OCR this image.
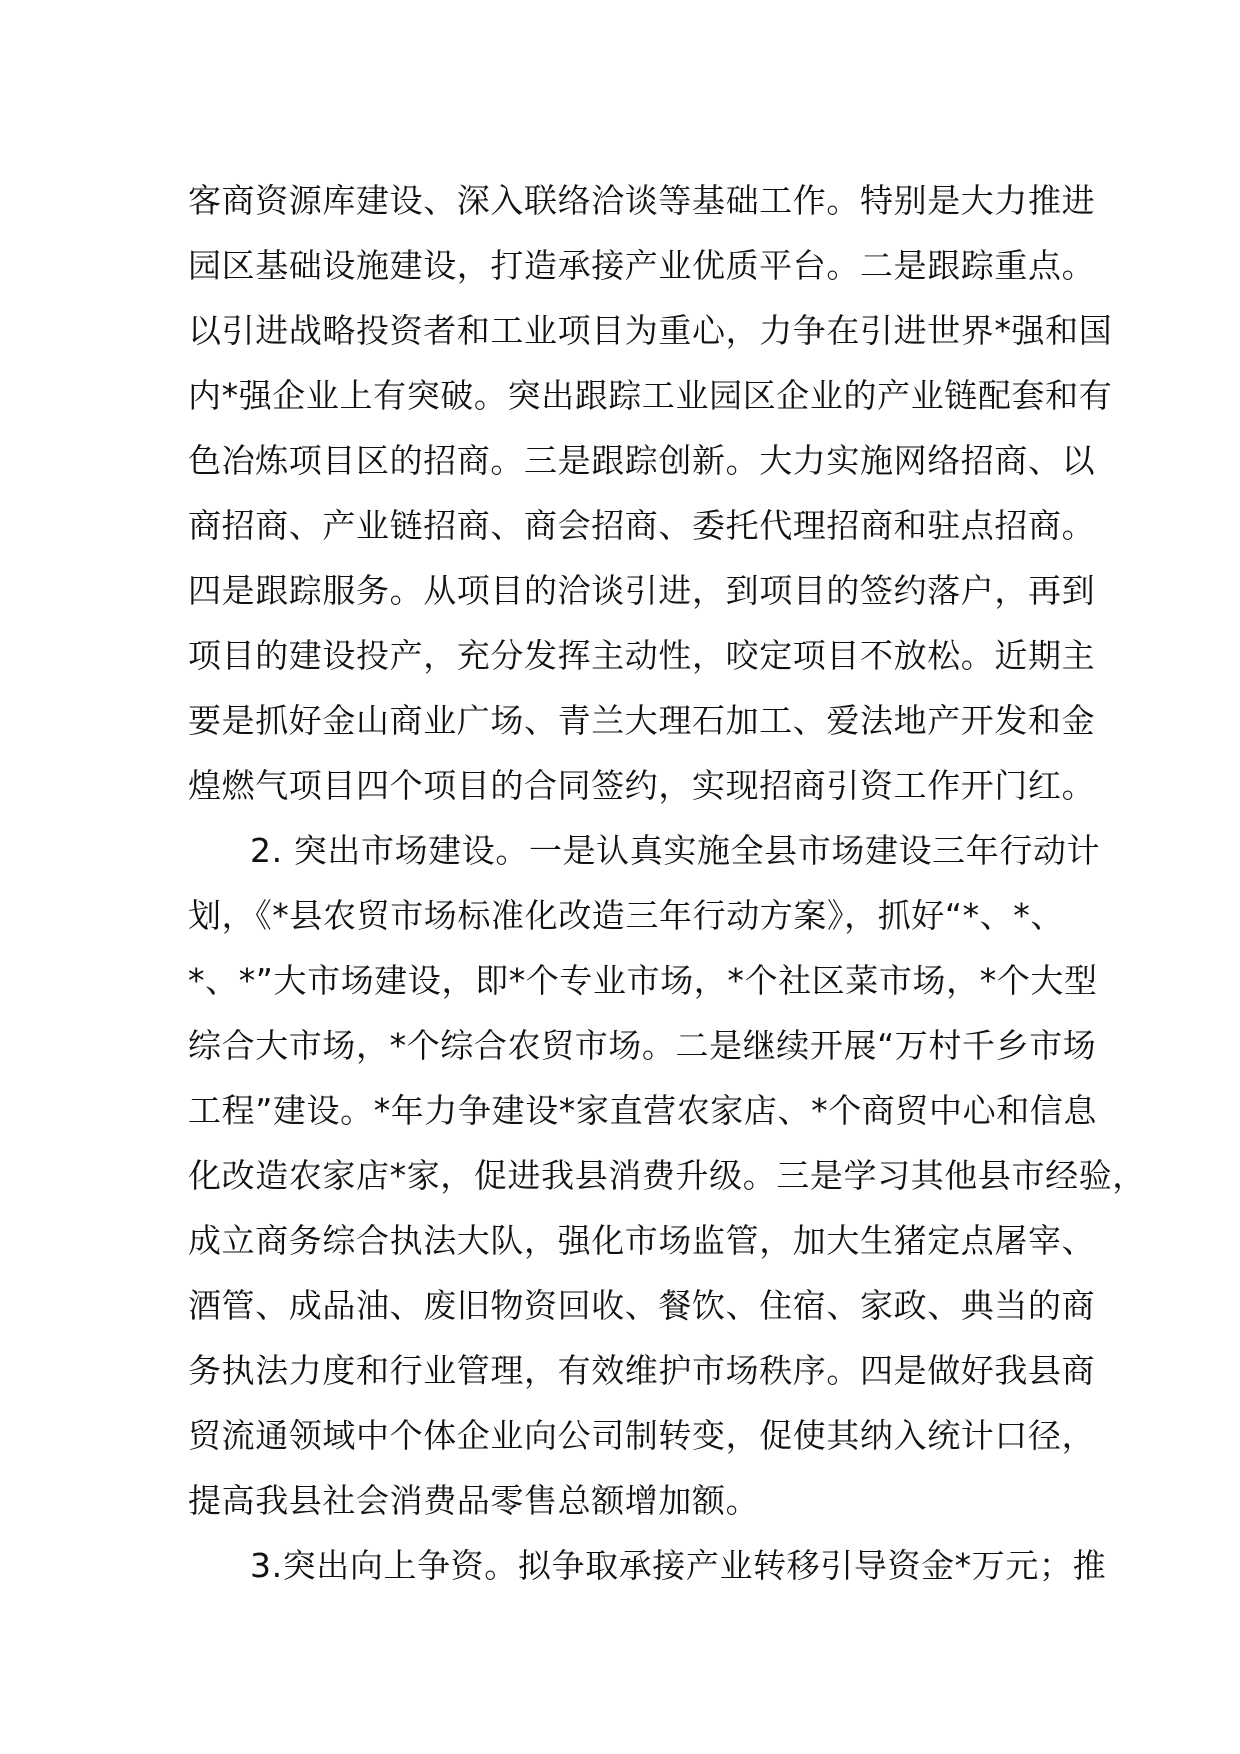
客商资源库建设、深入联络洽谈等基础工作。特别是大力推进
园区基础设施建设，打造承接产业优质平台。二是跟踪重点。
以引进战略投资者和工业项目为重心，力争在引进世界*强和国
内*强企业上有突破。突出跟踪工业园区企业的产业链配套和有
色冶炼项目区的招商。三是跟踪创新。大力实施网络招商、以
商招商、产业链招商、商会招商、委托代理招商和驻点招商。
四是跟踪服务。从项目的洽谈引进，到项目的签约落户，再到
项目的建设投产，充分发挥主动性，咬定项目不放松。近期主
要是抓好金山商业广场、青兰大理石加工、爱法地产开发和金
煌燃气项目四个项目的合同签约，实现招商引资工作开门红。
2. 突出市场建设。一是认真实施全县市场建设三年行动计
划，《*县农贸市场标准化改造三年行动方案》，抓好“*、*、
*、*”大市场建设，即*个专业市场，*个社区菜市场，*个大型
综合大市场，*个综合农贸市场。二是继续开展“万村千乡市场
工程”建设。*年力争建设*家直营农家店、*个商贸中心和信息
化改造农家店*家，促进我县消费升级。三是学习其他县市经验，
成立商务综合执法大队，强化市场监管，加大生猪定点屠宰、
酒管、成品油、废旧物资回收、餐饮、住宿、家政、典当的商
务执法力度和行业管理，有效维护市场秩序。四是做好我县商
贸流通领域中个体企业向公司制转变，促使其纳入统计口径，
提高我县社会消费品零售总额增加额。
3.突出向上争资。拟争取承接产业转移引导资金*万元；推
